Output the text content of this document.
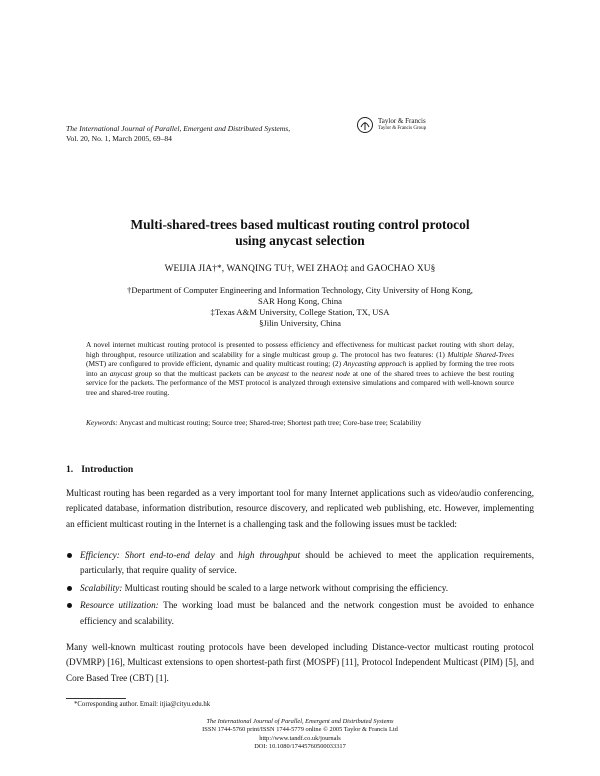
The International Journal of Parallel, Emergent and Distributed Systems,
Vol. 20, No. 1, March 2005, 69–84
Taylor & Francis
Taylor & Francis Group
Multi-shared-trees based multicast routing control protocol
using anycast selection
WEIJIA JIA†*, WANQING TU†, WEI ZHAO‡ and GAOCHAO XU§
†Department of Computer Engineering and Information Technology, City University of Hong Kong,
SAR Hong Kong, China
‡Texas A&M University, College Station, TX, USA
§Jilin University, China
A novel internet multicast routing protocol is presented to possess efficiency and effectiveness for multicast packet routing with short delay, high throughput, resource utilization and scalability for a single multicast group g. The protocol has two features: (1) Multiple Shared-Trees (MST) are configured to provide efficient, dynamic and quality multicast routing; (2) Anycasting approach is applied by forming the tree roots into an anycast group so that the multicast packets can be anycast to the nearest node at one of the shared trees to achieve the best routing service for the packets. The performance of the MST protocol is analyzed through extensive simulations and compared with well-known source tree and shared-tree routing.
Keywords: Anycast and multicast routing; Source tree; Shared-tree; Shortest path tree; Core-base tree; Scalability
1. Introduction
Multicast routing has been regarded as a very important tool for many Internet applications such as video/audio conferencing, replicated database, information distribution, resource discovery, and replicated web publishing, etc. However, implementing an efficient multicast routing in the Internet is a challenging task and the following issues must be tackled:
Efficiency: Short end-to-end delay and high throughput should be achieved to meet the application requirements, particularly, that require quality of service.
Scalability: Multicast routing should be scaled to a large network without comprising the efficiency.
Resource utilization: The working load must be balanced and the network congestion must be avoided to enhance efficiency and scalability.
Many well-known multicast routing protocols have been developed including Distance-vector multicast routing protocol (DVMRP) [16], Multicast extensions to open shortest-path first (MOSPF) [11], Protocol Independent Multicast (PIM) [5], and Core Based Tree (CBT) [1].
*Corresponding author. Email: itjia@cityu.edu.hk
The International Journal of Parallel, Emergent and Distributed Systems
ISSN 1744-5760 print/ISSN 1744-5779 online © 2005 Taylor & Francis Ltd
http://www.tandf.co.uk/journals
DOI: 10.1080/17445760500033317
